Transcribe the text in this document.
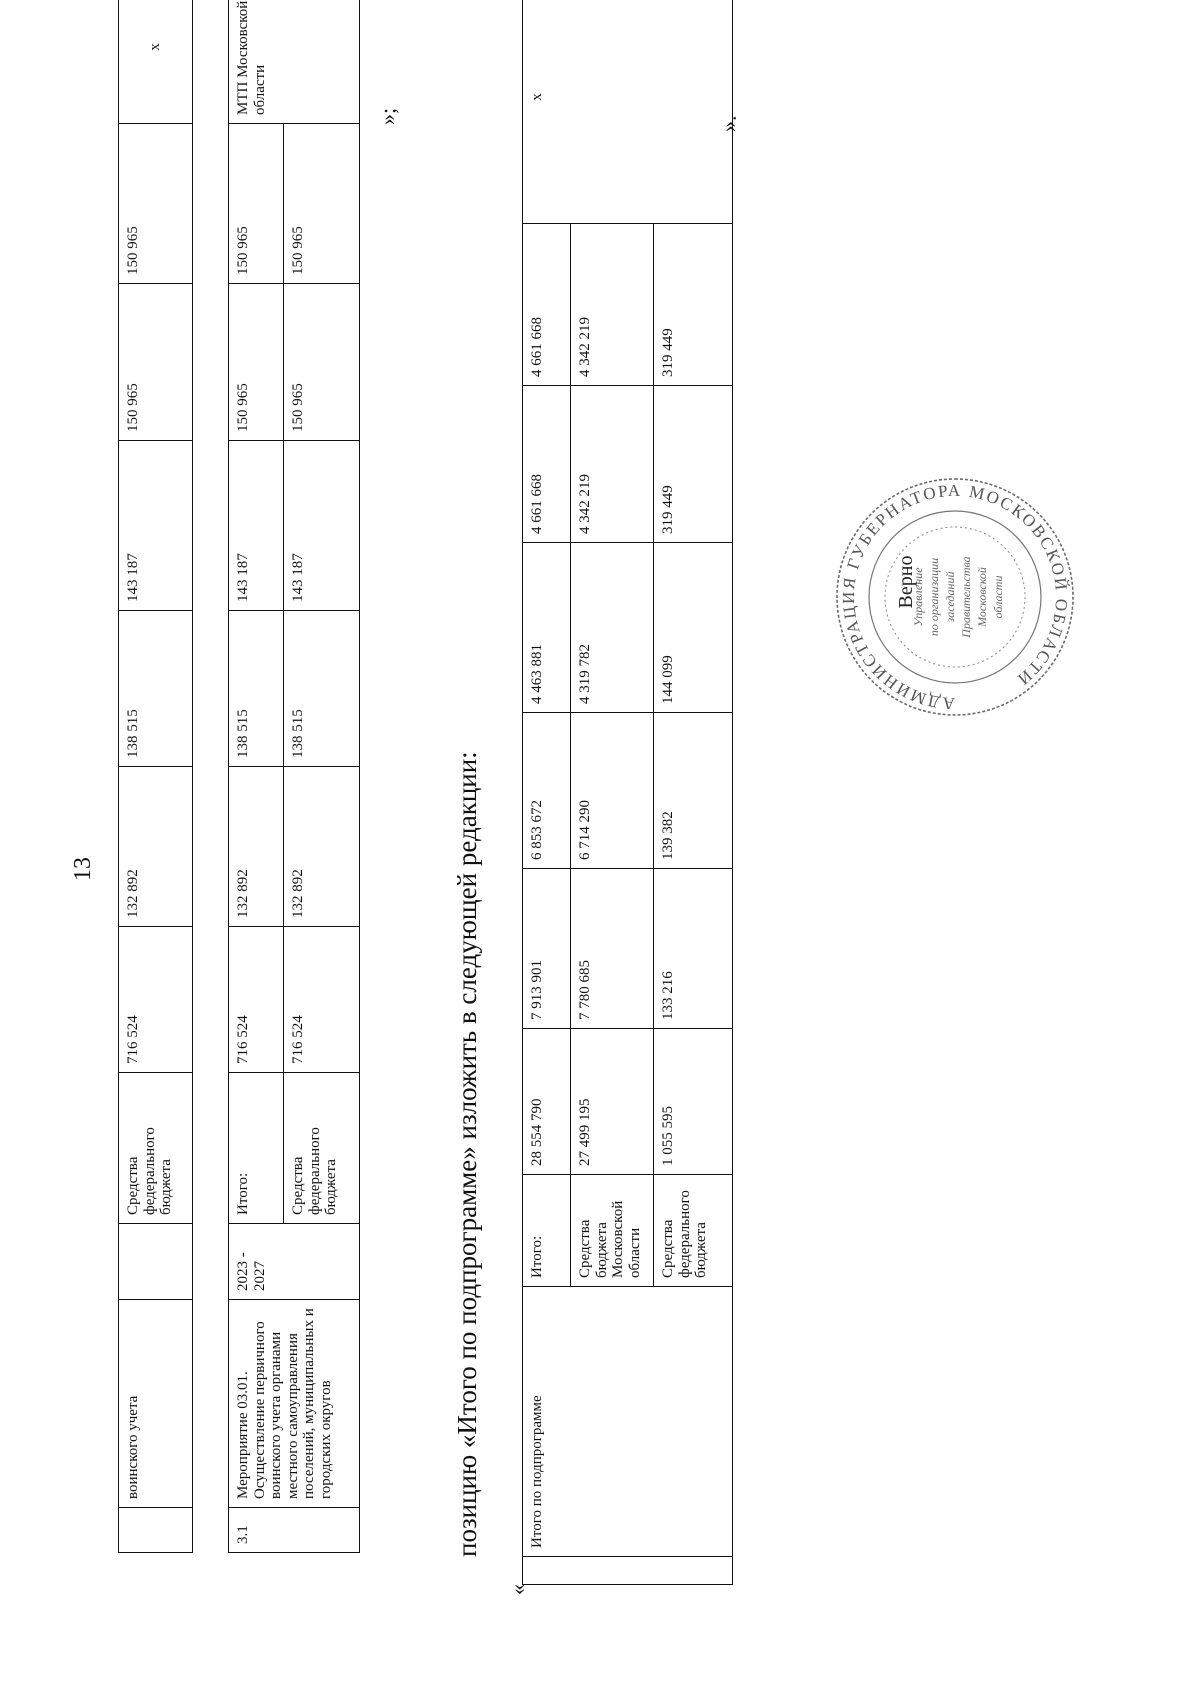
13
	воинского учета		Средства федерального бюджета	716 524	132 892	138 515	143 187	150 965	150 965	х
3.1	Мероприятие 03.01. Осуществление первичного воинского учета органами местного самоуправления поселений, муниципальных и городских округов	2023 - 2027	Итого:	716 524	132 892	138 515	143 187	150 965	150 965	МТП Московской области
			Средства федерального бюджета	716 524	132 892	138 515	143 187	150 965	150 965	
»;
позицию «Итого по подпрограмме» изложить в следующей редакции:
«
	Итого по подпрограмме	Итого:	28 554 790	7 913 901	6 853 672	4 463 881	4 661 668	4 661 668	х
		Средства бюджета Московской области	27 499 195	7 780 685	6 714 290	4 319 782	4 342 219	4 342 219	
		Средства федерального бюджета	1 055 595	133 216	139 382	144 099	319 449	319 449	
».
АДМИНИСТРАЦИЯ ГУБЕРНАТОРА МОСКОВСКОЙ ОБЛАСТИ
Управление по организации заседаний Правительства Московской области
Верно
